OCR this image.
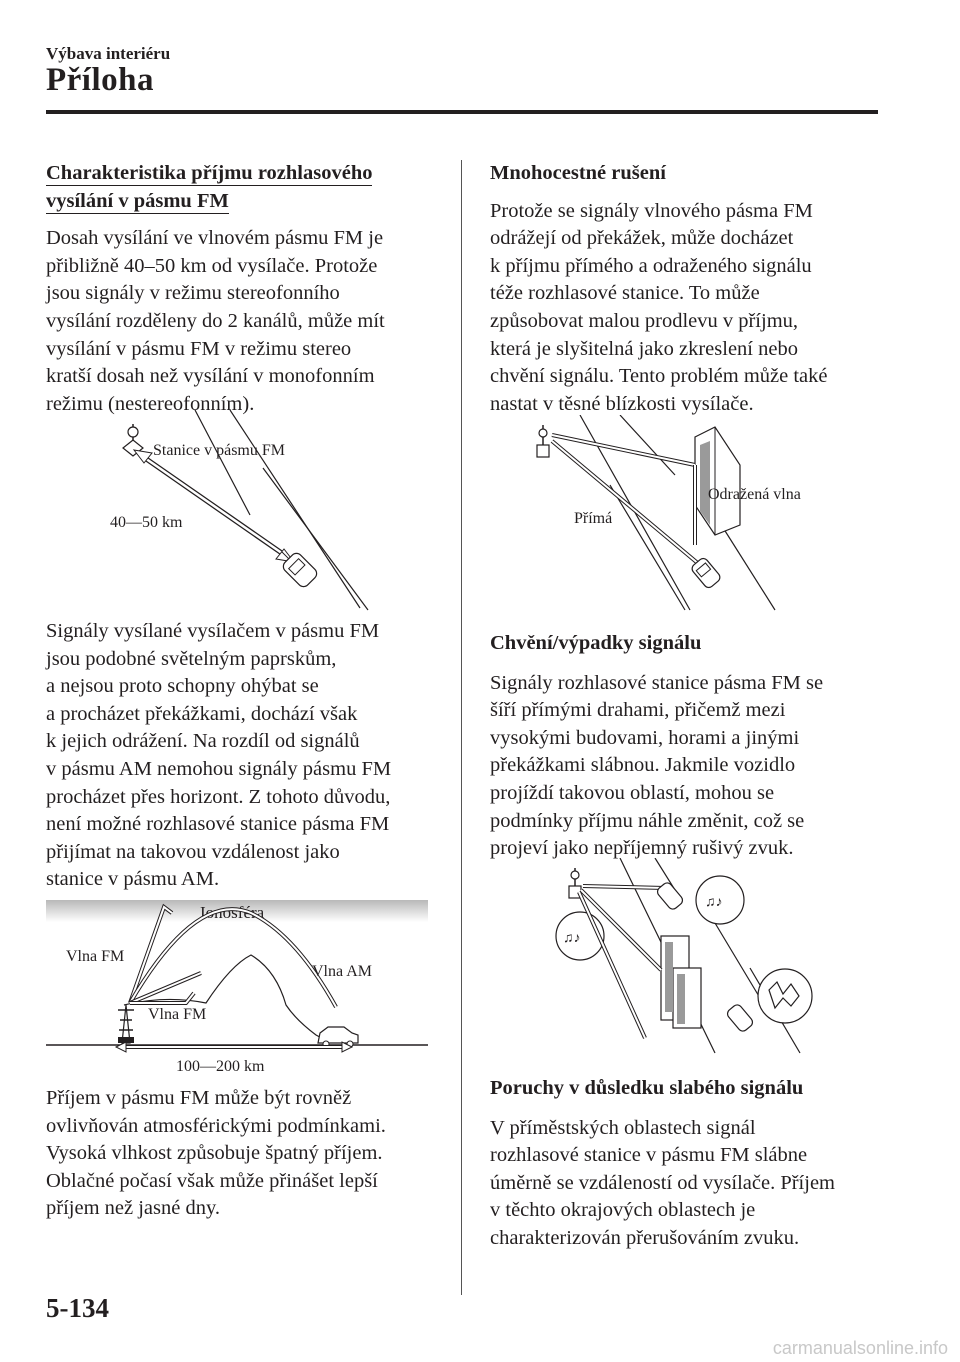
Výbava interiéru
Příloha

Charakteristika příjmu rozhlasového
vysílání v pásmu FM

Dosah vysílání ve vlnovém pásmu FM je
přibližně 40–50 km od vysílače. Protože
jsou signály v režimu stereofonního
vysílání rozděleny do 2 kanálů, může mít
vysílání v pásmu FM v režimu stereo
kratší dosah než vysílání v monofonním
režimu (nestereofonním).

Stanice v pásmu FM
40—50 km

Signály vysílané vysílačem v pásmu FM
jsou podobné světelným paprskům,
a nejsou proto schopny ohýbat se
a procházet překážkami, dochází však
k jejich odrážení. Na rozdíl od signálů
v pásmu AM nemohou signály pásmu FM
procházet přes horizont. Z tohoto důvodu,
není možné rozhlasové stanice pásma FM
přijímat na takovou vzdálenost jako
stanice v pásmu AM.

Ionosféra
Vlna FM
Vlna AM
Vlna FM
100—200 km

Příjem v pásmu FM může být rovněž
ovlivňován atmosférickými podmínkami.
Vysoká vlhkost způsobuje špatný příjem.
Oblačné počasí však může přinášet lepší
příjem než jasné dny.

Mnohocestné rušení

Protože se signály vlnového pásma FM
odrážejí od překážek, může docházet
k příjmu přímého a odraženého signálu
téže rozhlasové stanice. To může
způsobovat malou prodlevu v příjmu,
která je slyšitelná jako zkreslení nebo
chvění signálu. Tento problém může také
nastat v těsné blízkosti vysílače.

Odražená vlna
Přímá

Chvění/výpadky signálu

Signály rozhlasové stanice pásma FM se
šíří přímými drahami, přičemž mezi
vysokými budovami, horami a jinými
překážkami slábnou. Jakmile vozidlo
projíždí takovou oblastí, mohou se
podmínky příjmu náhle změnit, což se
projeví jako nepříjemný rušivý zvuk.

♫♪
♫♪

Poruchy v důsledku slabého signálu

V příměstských oblastech signál
rozhlasové stanice v pásmu FM slábne
úměrně se vzdáleností od vysílače. Příjem
v těchto okrajových oblastech je
charakterizován přerušováním zvuku.

5-134
carmanualsonline.info
